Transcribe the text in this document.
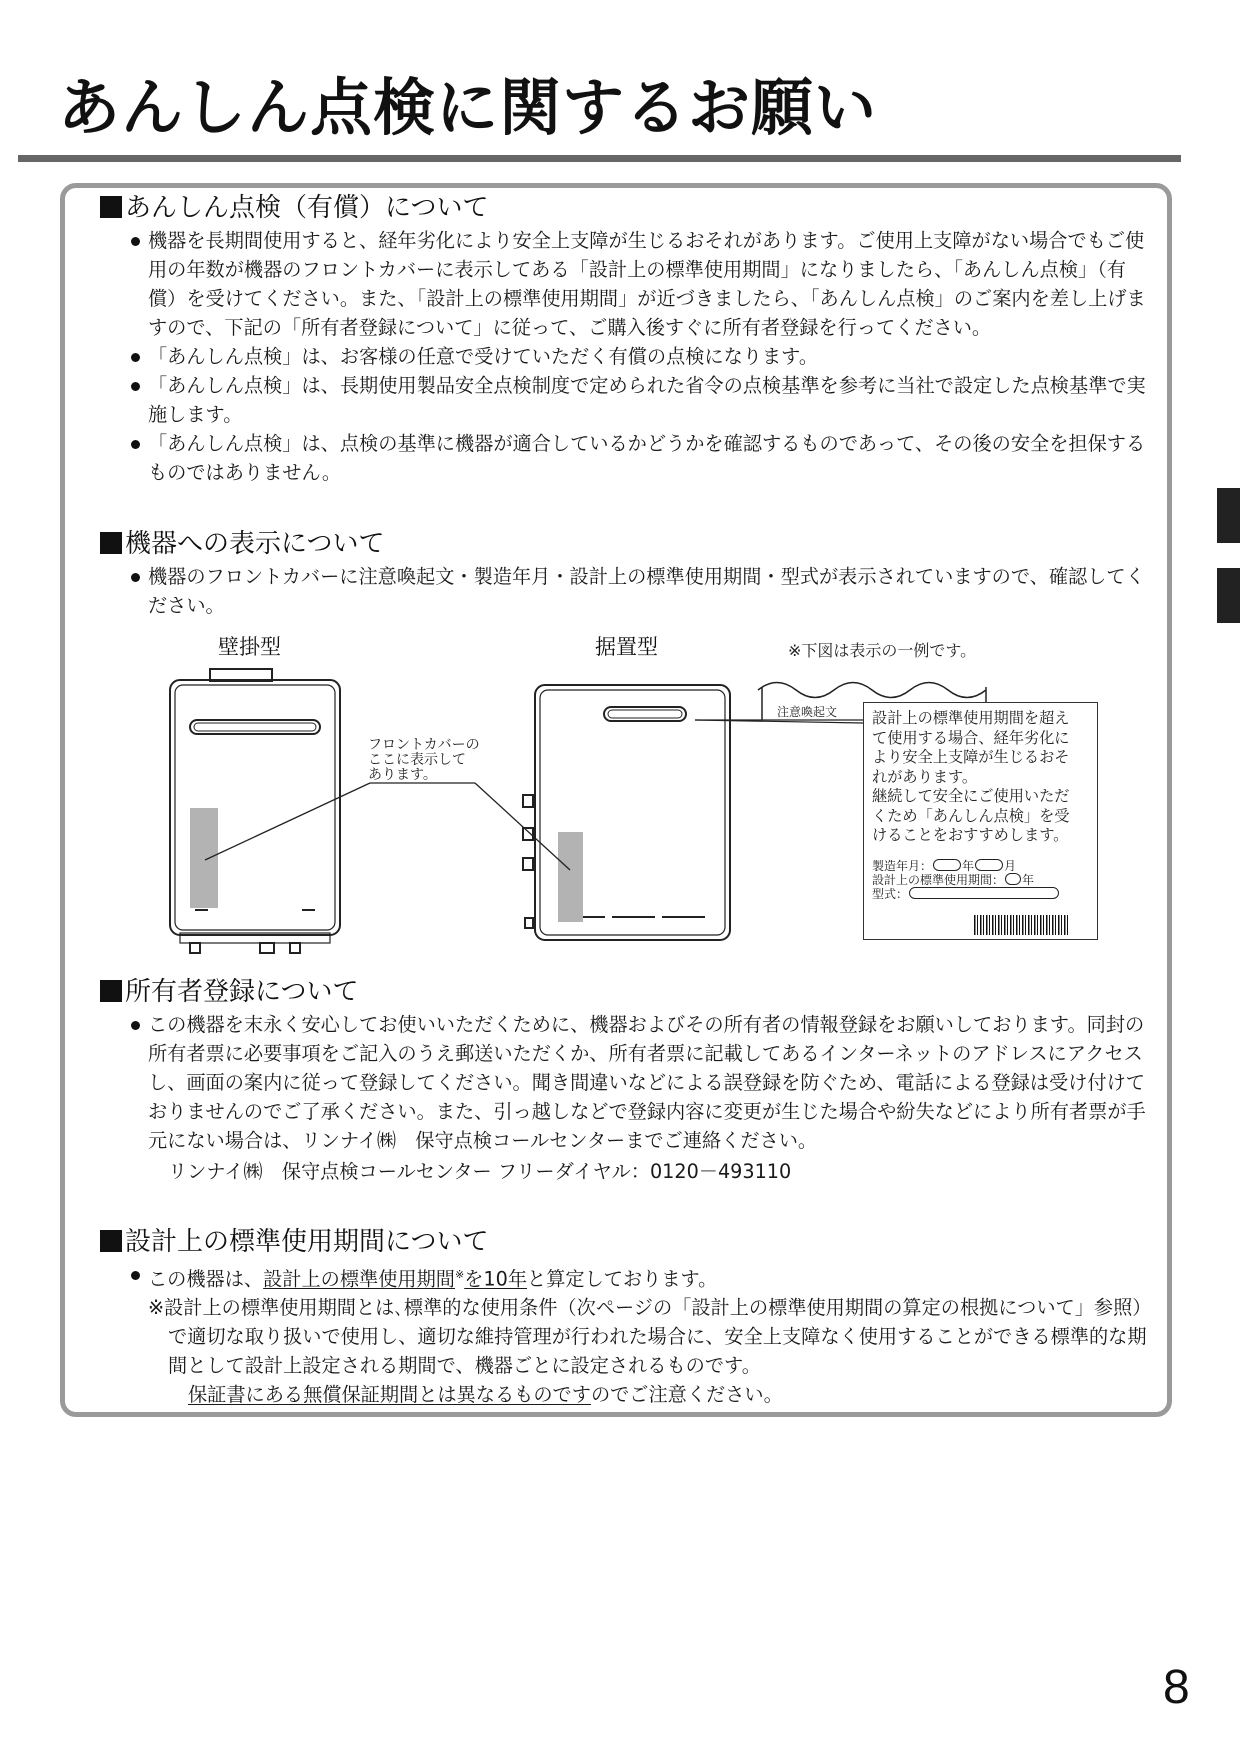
あんしん点検に関するお願い
あんしん点検（有償）について
機器を長期間使用すると、経年劣化により安全上支障が生じるおそれがあります。ご使用上支障がない場合でもご使用の年数が機器のフロントカバーに表示してある「設計上の標準使用期間」になりましたら、「あんしん点検」（有償）を受けてください。また、「設計上の標準使用期間」が近づきましたら、「あんしん点検」のご案内を差し上げますので、下記の「所有者登録について」に従って、ご購入後すぐに所有者登録を行ってください。
「あんしん点検」は、お客様の任意で受けていただく有償の点検になります。
「あんしん点検」は、長期使用製品安全点検制度で定められた省令の点検基準を参考に当社で設定した点検基準で実施します。
「あんしん点検」は、点検の基準に機器が適合しているかどうかを確認するものであって、その後の安全を担保するものではありません。
機器への表示について
機器のフロントカバーに注意喚起文・製造年月・設計上の標準使用期間・型式が表示されていますので、確認してください。
壁掛型	据置型	※下図は表示の一例です。
フロントカバーの
ここに表示して
あります。
注意喚起文 設計上の標準使用期間を超え
て使用する場合、経年劣化に
より安全上支障が生じるおそ
れがあります。
継続して安全にご使用いただ
くため「あんしん点検」を受
けることをおすすめします。
製造年月：	年	月
設計上の標準使用期間： 年
型式：
所有者登録について
この機器を末永く安心してお使いいただくために、機器およびその所有者の情報登録をお願いしております。同封の所有者票に必要事項をご記入のうえ郵送いただくか、所有者票に記載してあるインターネットのアドレスにアクセスし、画面の案内に従って登録してください。聞き間違いなどによる誤登録を防ぐため、電話による登録は受け付けておりませんのでご了承ください。また、引っ越しなどで登録内容に変更が生じた場合や紛失などにより所有者票が手元にない場合は、リンナイ㈱　保守点検コールセンターまでご連絡ください。
リンナイ㈱　保守点検コールセンター フリーダイヤル：0120－493110
設計上の標準使用期間について
この機器は、設計上の標準使用期間※を10年と算定しております。
※設計上の標準使用期間とは､標準的な使用条件（次ページの「設計上の標準使用期間の算定の根拠について」参照）で適切な取り扱いで使用し、適切な維持管理が行われた場合に、安全上支障なく使用することができる標準的な期間として設計上設定される期間で、機器ごとに設定されるものです。
保証書にある無償保証期間とは異なるものですのでご注意ください。
8
